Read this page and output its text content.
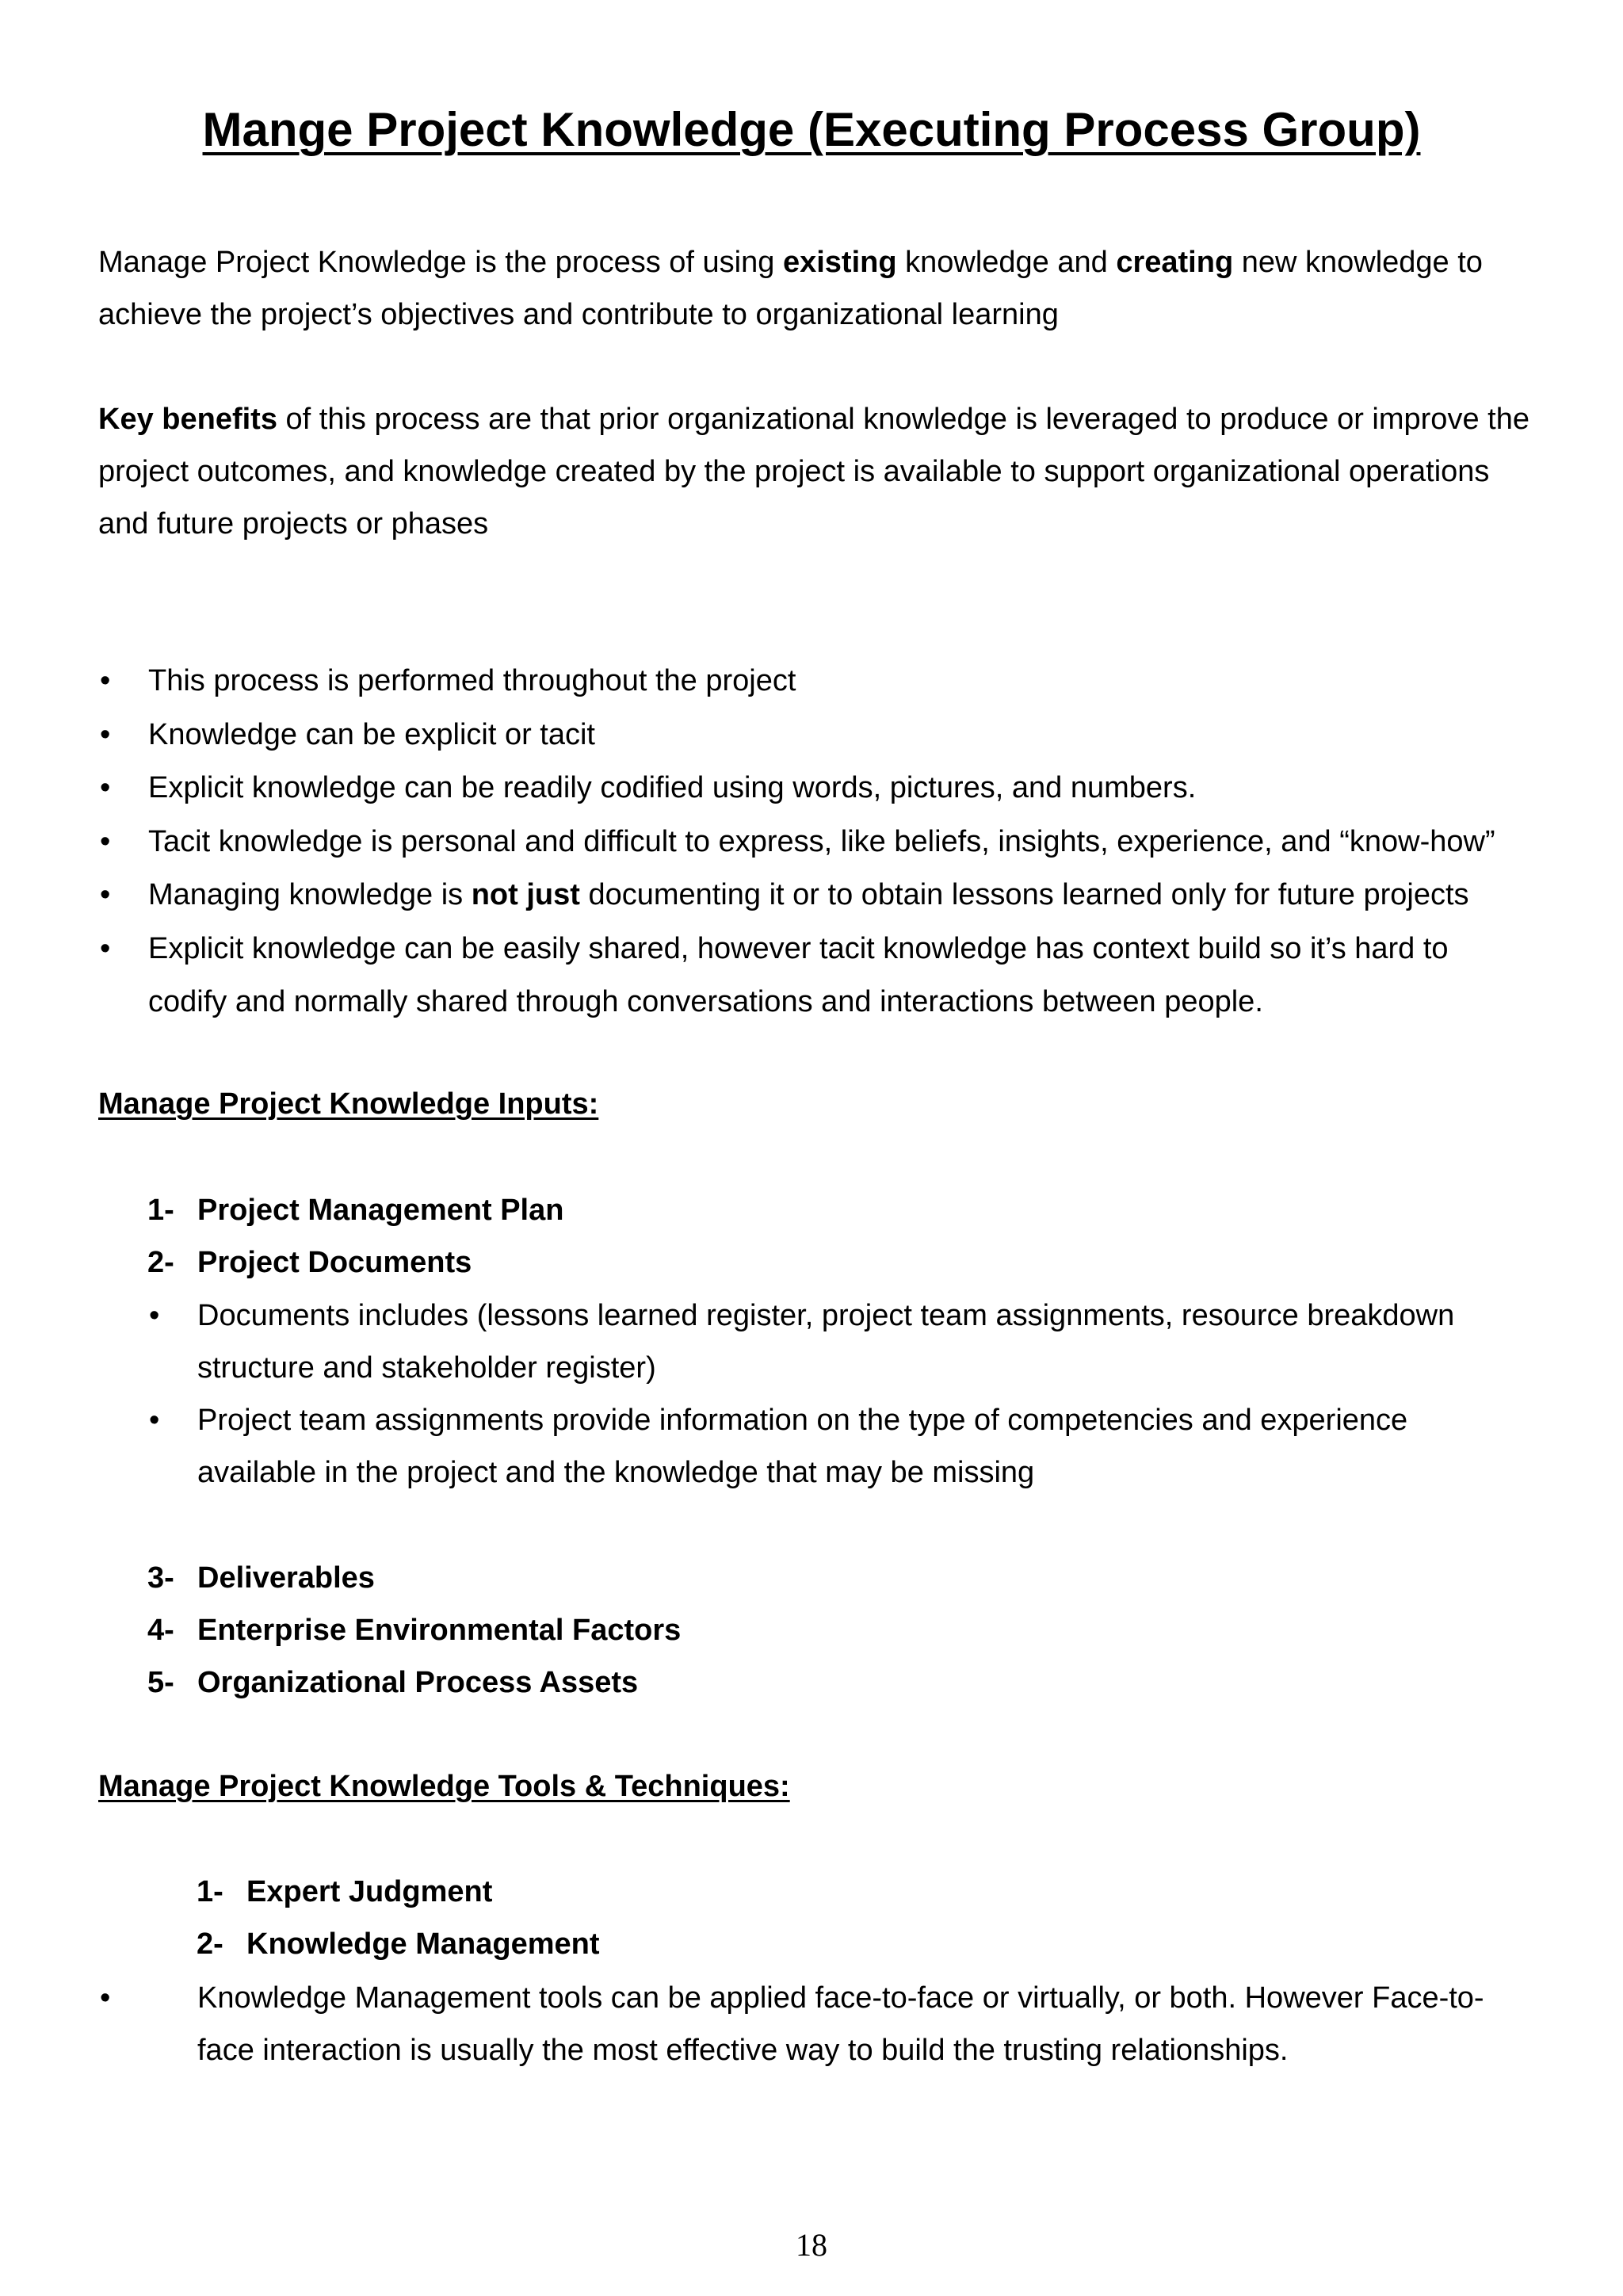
Mange Project Knowledge (Executing Process Group)
Manage Project Knowledge is the process of using existing knowledge and creating new knowledge to
achieve the project’s objectives and contribute to organizational learning
Key benefits of this process are that prior organizational knowledge is leveraged to produce or improve the
project outcomes, and knowledge created by the project is available to support organizational operations
and future projects or phases
• This process is performed throughout the project
• Knowledge can be explicit or tacit
• Explicit knowledge can be readily codified using words, pictures, and numbers.
• Tacit knowledge is personal and difficult to express, like beliefs, insights, experience, and “know-how”
• Managing knowledge is not just documenting it or to obtain lessons learned only for future projects
• Explicit knowledge can be easily shared, however tacit knowledge has context build so it’s hard to
codify and normally shared through conversations and interactions between people.
Manage Project Knowledge Inputs:
1- Project Management Plan
2- Project Documents
• Documents includes (lessons learned register, project team assignments, resource breakdown
structure and stakeholder register)
• Project team assignments provide information on the type of competencies and experience
available in the project and the knowledge that may be missing
3- Deliverables
4- Enterprise Environmental Factors
5- Organizational Process Assets
Manage Project Knowledge Tools & Techniques:
1- Expert Judgment
2- Knowledge Management
•	Knowledge Management tools can be applied face-to-face or virtually, or both. However Face-to-
face interaction is usually the most effective way to build the trusting relationships.
18
